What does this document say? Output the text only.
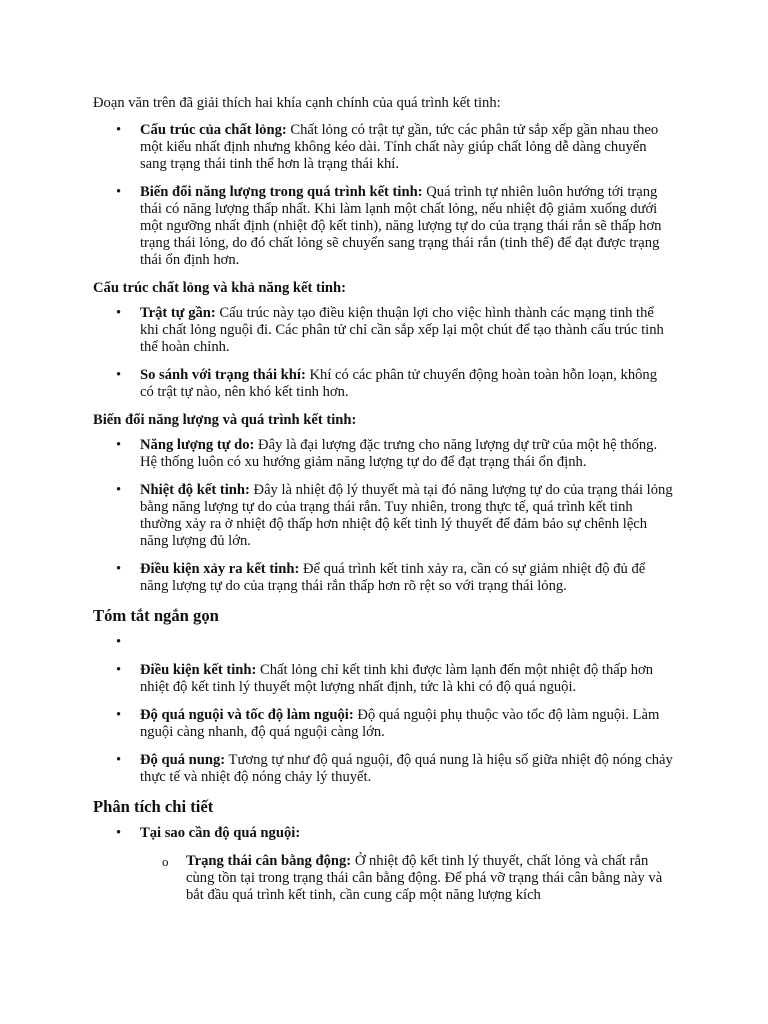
Đoạn văn trên đã giải thích hai khía cạnh chính của quá trình kết tinh:

•
Cấu trúc của chất lỏng: Chất lỏng có trật tự gần, tức các phân tử sắp xếp gần nhau theo một kiểu nhất định nhưng không kéo dài. Tính chất này giúp chất lỏng dễ dàng chuyển sang trạng thái tinh thể hơn là trạng thái khí.
•
Biến đổi năng lượng trong quá trình kết tinh: Quá trình tự nhiên luôn hướng tới trạng thái có năng lượng thấp nhất. Khi làm lạnh một chất lỏng, nếu nhiệt độ giảm xuống dưới một ngưỡng nhất định (nhiệt độ kết tinh), năng lượng tự do của trạng thái rắn sẽ thấp hơn trạng thái lỏng, do đó chất lỏng sẽ chuyển sang trạng thái rắn (tinh thể) để đạt được trạng thái ổn định hơn.

Cấu trúc chất lỏng và khả năng kết tinh:

•
Trật tự gần: Cấu trúc này tạo điều kiện thuận lợi cho việc hình thành các mạng tinh thể khi chất lỏng nguội đi. Các phân tử chỉ cần sắp xếp lại một chút để tạo thành cấu trúc tinh thể hoàn chỉnh.
•
So sánh với trạng thái khí: Khí có các phân tử chuyển động hoàn toàn hỗn loạn, không có trật tự nào, nên khó kết tinh hơn.

Biến đổi năng lượng và quá trình kết tinh:

•
Năng lượng tự do: Đây là đại lượng đặc trưng cho năng lượng dự trữ của một hệ thống. Hệ thống luôn có xu hướng giảm năng lượng tự do để đạt trạng thái ổn định.
•
Nhiệt độ kết tinh: Đây là nhiệt độ lý thuyết mà tại đó năng lượng tự do của trạng thái lỏng bằng năng lượng tự do của trạng thái rắn. Tuy nhiên, trong thực tế, quá trình kết tinh thường xảy ra ở nhiệt độ thấp hơn nhiệt độ kết tinh lý thuyết để đảm bảo sự chênh lệch năng lượng đủ lớn.
•
Điều kiện xảy ra kết tinh: Để quá trình kết tinh xảy ra, cần có sự giảm nhiệt độ đủ để năng lượng tự do của trạng thái rắn thấp hơn rõ rệt so với trạng thái lỏng.
Tóm tắt ngắn gọn
•
•
Điều kiện kết tinh: Chất lỏng chỉ kết tinh khi được làm lạnh đến một nhiệt độ thấp hơn nhiệt độ kết tinh lý thuyết một lượng nhất định, tức là khi có độ quá nguội.
•
Độ quá nguội và tốc độ làm nguội: Độ quá nguội phụ thuộc vào tốc độ làm nguội. Làm nguội càng nhanh, độ quá nguội càng lớn.
•
Độ quá nung: Tương tự như độ quá nguội, độ quá nung là hiệu số giữa nhiệt độ nóng chảy thực tế và nhiệt độ nóng chảy lý thuyết.
Phân tích chi tiết
•
Tại sao cần độ quá nguội:
o Trạng thái cân bằng động: Ở nhiệt độ kết tinh lý thuyết, chất lỏng và chất rắn cùng tồn tại trong trạng thái cân bằng động. Để phá vỡ trạng thái cân bằng này và bắt đầu quá trình kết tinh, cần cung cấp một năng lượng kích
